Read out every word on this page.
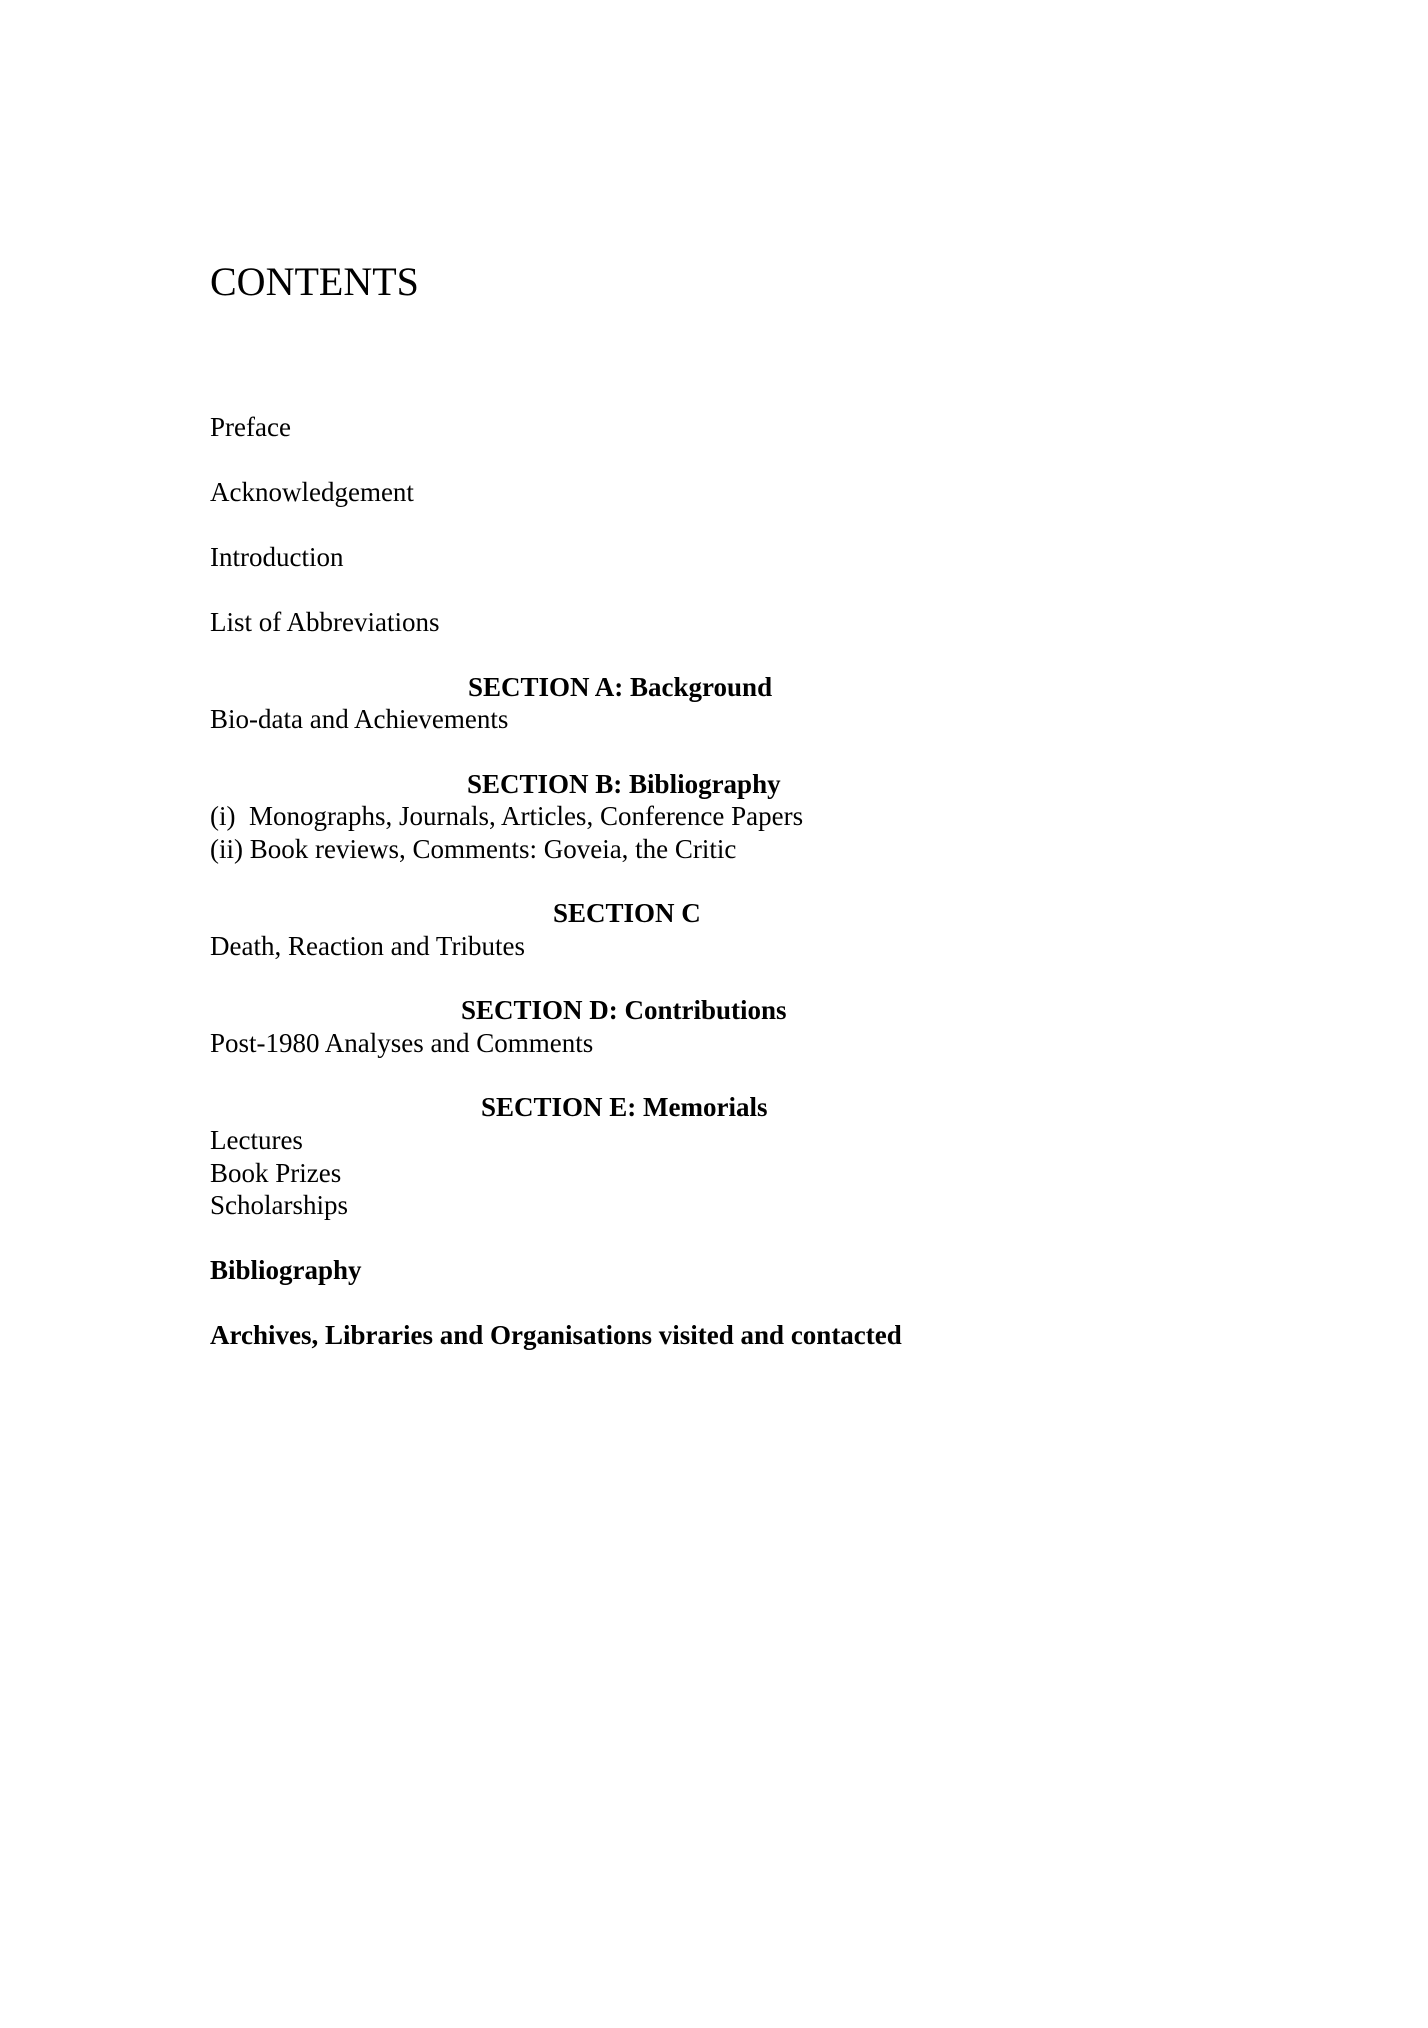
CONTENTS
Preface
Acknowledgement
Introduction
List of Abbreviations
SECTION A: Background
Bio-data and Achievements
SECTION B: Bibliography
(i)  Monographs, Journals, Articles, Conference Papers
(ii) Book reviews, Comments: Goveia, the Critic
SECTION C
Death, Reaction and Tributes
SECTION D: Contributions
Post-1980 Analyses and Comments
SECTION E: Memorials
Lectures
Book Prizes
Scholarships
Bibliography
Archives, Libraries and Organisations visited and contacted
